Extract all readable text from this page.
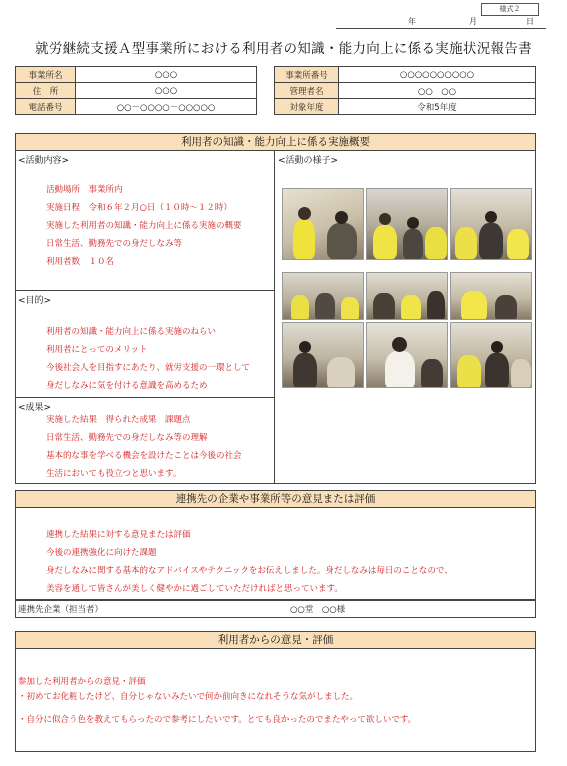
様式２
年	月	日
就労継続支援Ａ型事業所における利用者の知識・能力向上に係る実施状況報告書
事業所名	○○○
住　所	○○○
電話番号	○○－○○○○－○○○○○
事業所番号	○○○○○○○○○○
管理者名	○○　○○
対象年度	令和5年度
利用者の知識・能力向上に係る実施概要
<活動内容>
活動場所　事業所内
実施日程　令和６年２月○日（１０時～１２時）
実施した利用者の知識・能力向上に係る実施の概要
日常生活、勤務先での身だしなみ等
利用者数　１０名
<目的>
利用者の知識・能力向上に係る実施のねらい
利用者にとってのメリット
今後社会人を目指すにあたり、就労支援の一環として
身だしなみに気を付ける意識を高めるため
<成果>
実施した結果　得られた成果　課題点
日常生活、勤務先での身だしなみ等の理解
基本的な事を学べる機会を設けたことは今後の社会
生活においても役立つと思います。
<活動の様子>
連携先の企業や事業所等の意見または評価
連携した結果に対する意見または評価
今後の連携強化に向けた課題
身だしなみに関する基本的なアドバイスやテクニックをお伝えしました。身だしなみは毎日のことなので、
美容を通して皆さんが美しく健やかに過ごしていただければと思っています。
連携先企業（担当者）	○○堂　○○様
利用者からの意見・評価
参加した利用者からの意見・評価
・初めてお化粧したけど、自分じゃないみたいで何か前向きになれそうな気がしました。
・自分に似合う色を教えてもらったので参考にしたいです。とても良かったのでまたやって欲しいです。
